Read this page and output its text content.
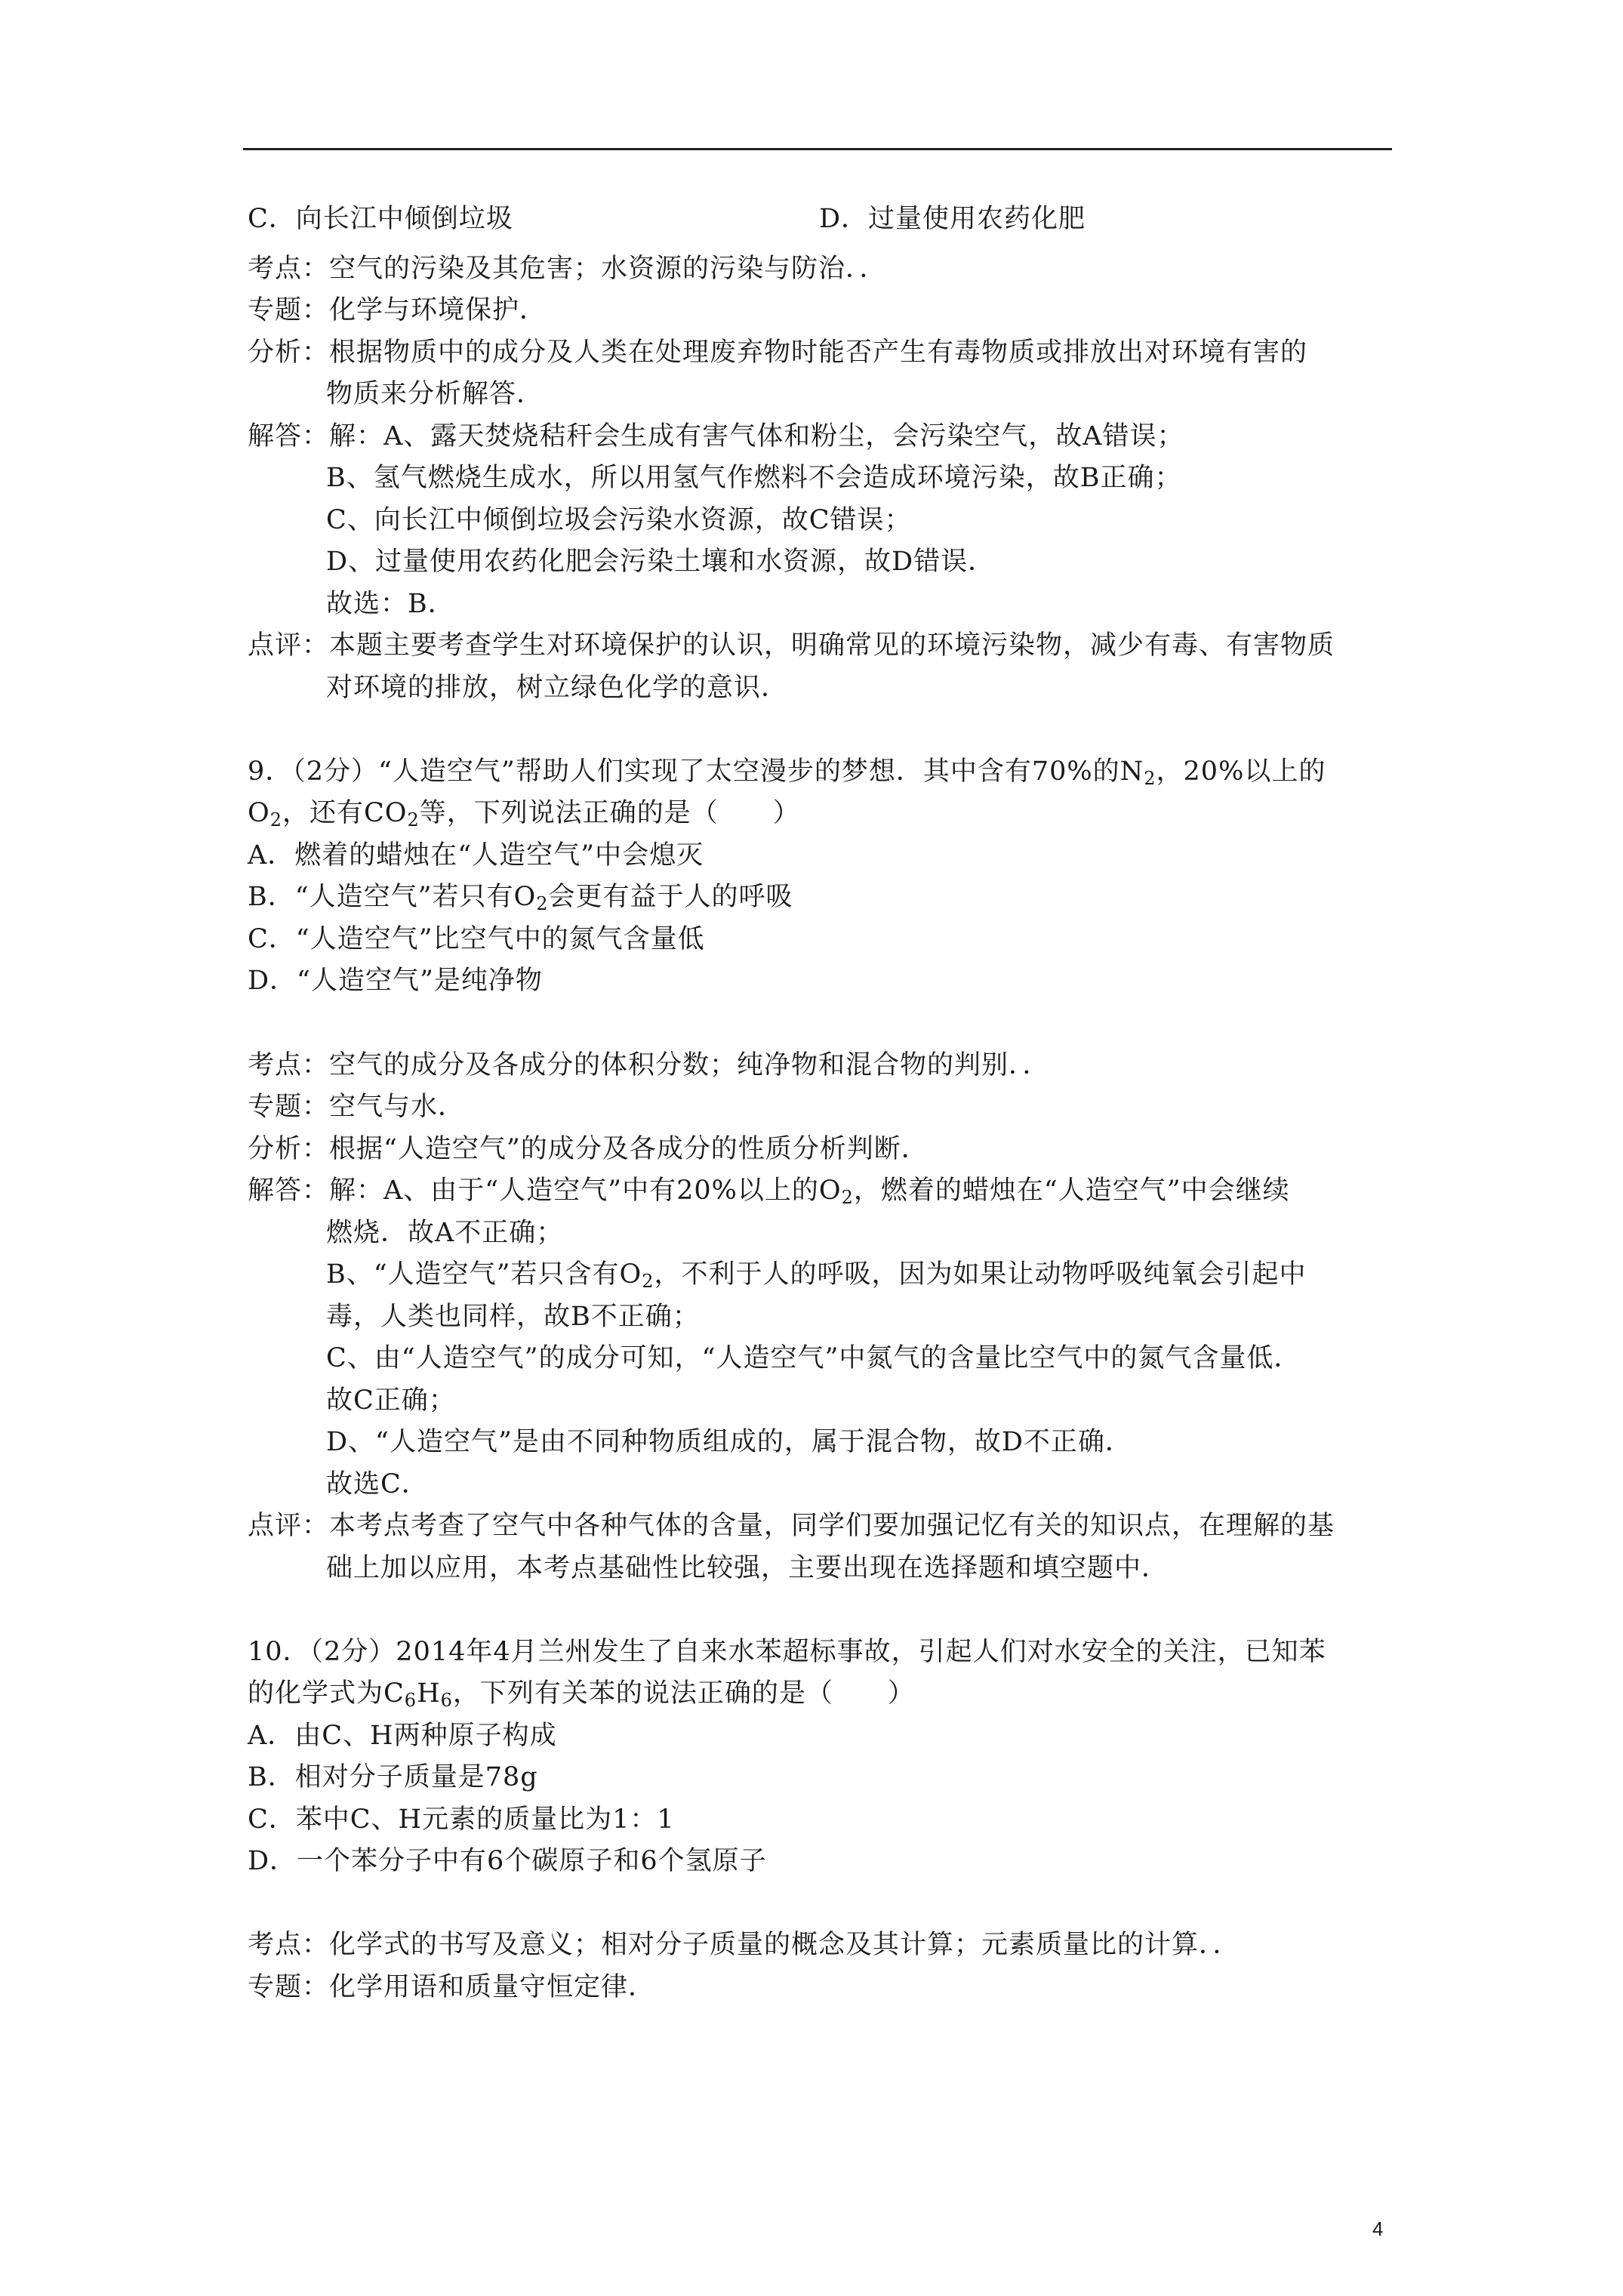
C．向长江中倾倒垃圾	D．过量使用农药化肥
考点：空气的污染及其危害；水资源的污染与防治．．
专题：化学与环境保护．
分析：根据物质中的成分及人类在处理废弃物时能否产生有毒物质或排放出对环境有害的
物质来分析解答．
解答：解：A、露天焚烧秸秆会生成有害气体和粉尘，会污染空气，故A错误；
B、氢气燃烧生成水，所以用氢气作燃料不会造成环境污染，故B正确；
C、向长江中倾倒垃圾会污染水资源，故C错误；
D、过量使用农药化肥会污染土壤和水资源，故D错误．
故选：B．
点评：本题主要考查学生对环境保护的认识，明确常见的环境污染物，减少有毒、有害物质
对环境的排放，树立绿色化学的意识．
9．（2分）“人造空气”帮助人们实现了太空漫步的梦想．其中含有70%的$N_2$，20%以上的
$O_2$，还有$CO_2$等，下列说法正确的是（　　）
A．燃着的蜡烛在“人造空气”中会熄灭
B．“人造空气”若只有$O_2$会更有益于人的呼吸
C．“人造空气”比空气中的氮气含量低
D．“人造空气”是纯净物
考点：空气的成分及各成分的体积分数；纯净物和混合物的判别．．
专题：空气与水．
分析：根据“人造空气”的成分及各成分的性质分析判断．
解答：解：A、由于“人造空气”中有20%以上的$O_2$，燃着的蜡烛在“人造空气”中会继续
燃烧．故A不正确；
B、“人造空气”若只含有$O_2$，不利于人的呼吸，因为如果让动物呼吸纯氧会引起中
毒，人类也同样，故B不正确；
C、由“人造空气”的成分可知，“人造空气”中氮气的含量比空气中的氮气含量低．
故C正确；
D、“人造空气”是由不同种物质组成的，属于混合物，故D不正确．
故选C．
点评：本考点考查了空气中各种气体的含量，同学们要加强记忆有关的知识点，在理解的基
础上加以应用，本考点基础性比较强，主要出现在选择题和填空题中．
10．（2分）2014年4月兰州发生了自来水苯超标事故，引起人们对水安全的关注，已知苯
的化学式为$C_6H_6$，下列有关苯的说法正确的是（　　）
A．由C、H两种原子构成
B．相对分子质量是78g
C．苯中C、H元素的质量比为1：1
D．一个苯分子中有6个碳原子和6个氢原子
考点：化学式的书写及意义；相对分子质量的概念及其计算；元素质量比的计算．．
专题：化学用语和质量守恒定律．
4
